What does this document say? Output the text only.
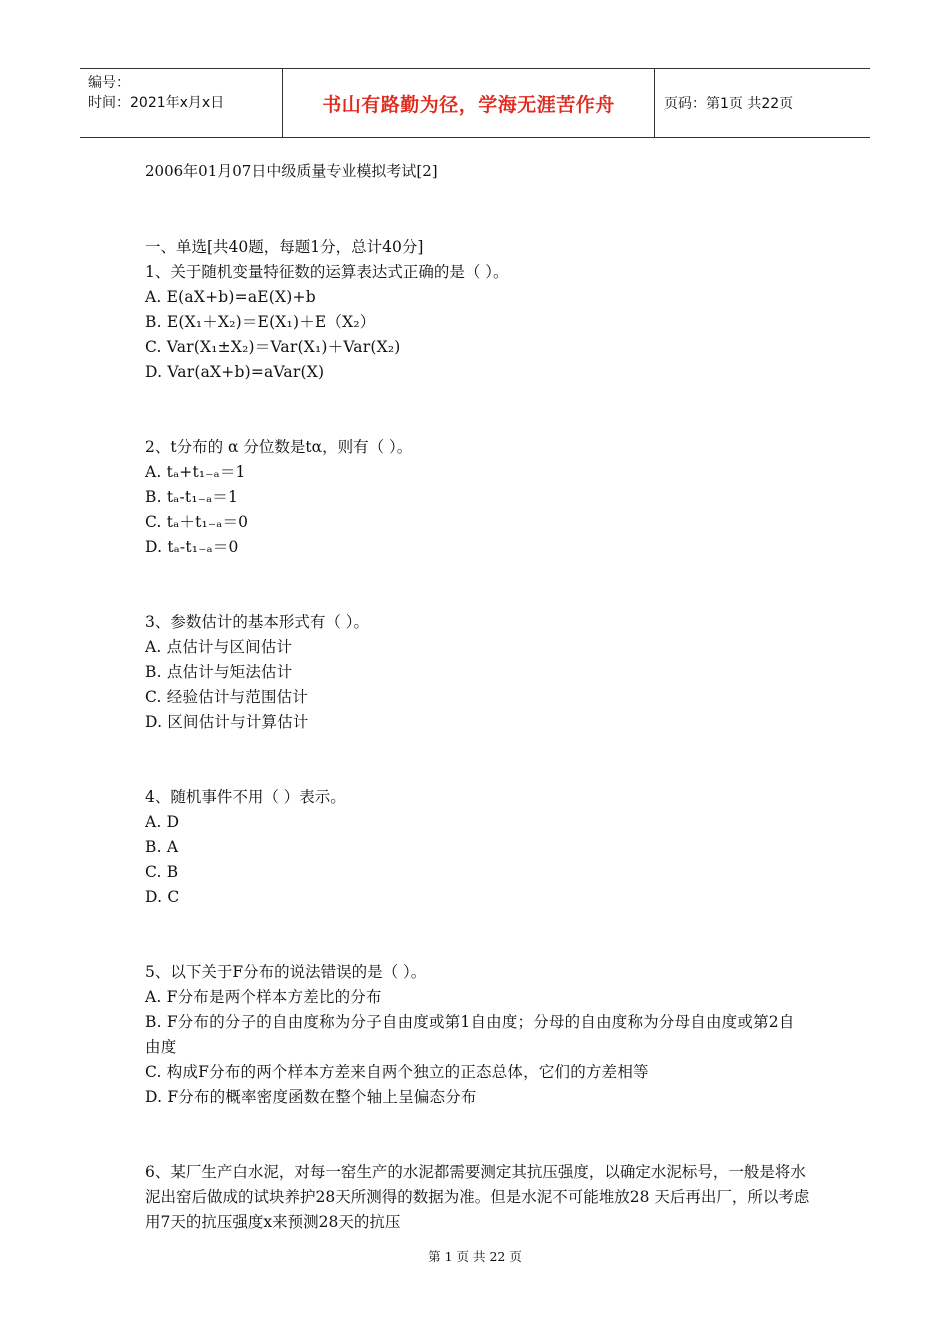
编号：
时间：2021年x月x日	书山有路勤为径，学海无涯苦作舟	页码：第1页 共22页
2006年01月07日中级质量专业模拟考试[2]

一、单选[共40题，每题1分，总计40分]

1、关于随机变量特征数的运算表达式正确的是（ ）。

A. E(aX+b)=aE(X)+b

B. E(X₁＋X₂)＝E(X₁)＋E（X₂）

C. Var(X₁±X₂)＝Var(X₁)＋Var(X₂)

D. Var(aX+b)=aVar(X)

2、t分布的 α 分位数是tα，则有（ ）。

A. tₐ+t₁₋ₐ＝1

B. tₐ-t₁₋ₐ＝1

C. tₐ＋t₁₋ₐ＝0

D. tₐ-t₁₋ₐ＝0

3、参数估计的基本形式有（ ）。

A. 点估计与区间估计

B. 点估计与矩法估计

C. 经验估计与范围估计

D. 区间估计与计算估计

4、随机事件不用（ ）表示。

A. D

B. A

C. B

D. C

5、以下关于F分布的说法错误的是（ ）。

A. F分布是两个样本方差比的分布

B. F分布的分子的自由度称为分子自由度或第1自由度；分母的自由度称为分母自由度或第2自由度

C. 构成F分布的两个样本方差来自两个独立的正态总体，它们的方差相等

D. F分布的概率密度函数在整个轴上呈偏态分布

6、某厂生产白水泥，对每一窑生产的水泥都需要测定其抗压强度，以确定水泥标号，一般是将水泥出窑后做成的试块养护28天所测得的数据为准。但是水泥不可能堆放28 天后再出厂，所以考虑用7天的抗压强度x来预测28天的抗压

第 1 页 共 22 页
